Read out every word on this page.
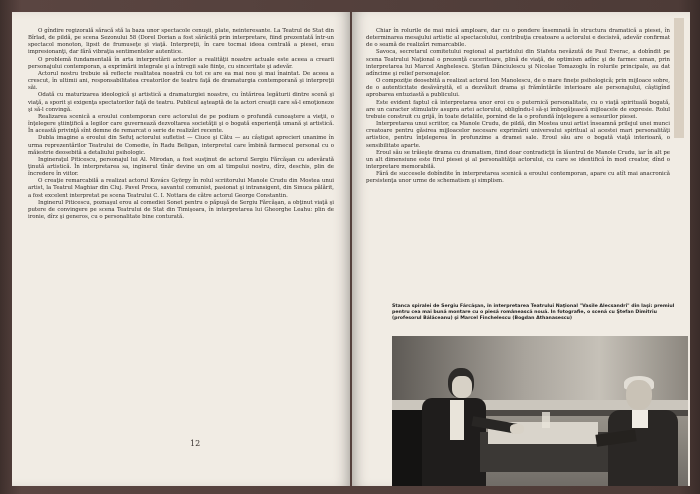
O gîndire regizorală săracă stă la baza unor spectacole cenuşii, plate, neinteresante. La Teatrul de Stat din Bîrlad, de pildă, pe scena Sezonului 58 (Dorel Dorian a fost sărăcită prin interpretare, fiind prezentată într-un spectacol monoton, lipsit de frumuseţe şi viaţă. Interpreţii, în care tocmai ideea centrală a piesei, erau impresionanţi, dar fără vibraţia sentimentelor autentice.

O problemă fundamentală în arta interpretării actorilor a realităţii noastre actuale este aceea a crearii personajului contemporan, a exprimării integrale şi a întregii sale fiinţe, cu sinceritate şi adevăr.

Actorul nostru trebuie să reflecte realitatea noastră cu tot ce are ea mai nou şi mai înaintat. De aceea a crescut, în ultimii ani, responsabilitatea creatorilor de teatru faţă de dramaturgia contemporană şi interpreţii săi.

Odată cu maturizarea ideologică şi artistică a dramaturgiei noastre, cu întărirea legăturii dintre scenă şi viaţă, a sporit şi exigenţa spectatorilor faţă de teatru. Publicul aşteaptă de la actori creaţii care să-l emoţioneze şi să-l convingă.

Realizarea scenică a eroului contemporan cere actorului de pe podium o profundă cunoaştere a vieţii, o înţelegere ştiinţifică a legilor care guvernează dezvoltarea societăţii şi o bogată experienţă umană şi artistică. În această privinţă sînt demne de remarcat o serie de realizări recente.

Dubla imagine a eroului din Sefuţ actorului sufletist — Ciuce şi Cătu — au câștigat aprecieri unanime în urma reprezentărilor Teatrului de Comedie, în Radu Beligan, interpretul care îmbină farmecul personal cu o măiestrie deosebită a detaliului psihologic.

Ingineraţul Piticescu, personajul lui Al. Mirodan, a fost susţinut de actorul Sergiu Fărcăşan cu adevărată ţinută artistică. În interpretarea sa, inginerul tînăr devine un om al timpului nostru, dîrz, deschis, plin de încredere în viitor.

O creaţie remarcabilă a realizat actorul Kovács György în rolul scriitorului Manole Crudu din Mostea unui artist, la Teatrul Maghiar din Cluj. Pavel Proca, savantul comunist, pasionat şi intransigent, din Sinuca pălărit, a fost excelent interpretat pe scena Teatrului C. I. Nottara de către actorul George Constantin.

Inginerul Piticescu, poznaşul erou al comediei Sonet pentru o păpuşă de Sergiu Fărcăşan, a obţinut viaţă şi putere de convingere pe scena Teatrului de Stat din Timişoara, în interpretarea lui Gheorghe Leahu: plin de ironie, dîrz şi generos, cu o personalitate bine conturată.

12

Chiar în rolurile de mai mică amploare, dar cu o pondere însemnată în structura dramatică a piesei, în determinarea mesajului artistic al spectacolului, contribuţia creatoare a actorului e decisivă, adevăr confirmat de o seamă de realizări remarcabile.

Savoca, secretarul comitetului regional al partidului din Stafeta nevăzută de Paul Everac, a dobîndit pe scena Teatrului Naţional o prezenţă cuceritoare, plină de viaţă, de optimism adînc şi de farmec uman, prin interpretarea lui Marcel Anghelescu. Ştefan Dănciulescu şi Nicolae Tomazoglu în rolurile principale, au dat adîncime şi relief personajelor.

O compoziţie deosebită a realizat actorul Ion Manolescu, de o mare finețe psihologică; prin mijloace sobre, de o autenticitate desăvârşită, el a dezvăluit drama şi frămîntările interioare ale personajului, câştigînd aprobarea entuziastă a publicului.

Este evident faptul că interpretarea unor eroi cu o puternică personalitate, cu o viaţă spirituală bogată, are un caracter stimulativ asupra artei actorului, obligîndu-l să-şi îmbogăţească mijloacele de expresie. Rolul trebuie construit cu grijă, în toate detaliile, pornind de la o profundă înţelegere a sensurilor piesei.

Interpretarea unui scriitor, ca Manole Crudu, de pildă, din Mostea unui artist înseamnă prilejul unei munci creatoare pentru găsirea mijloacelor necesare exprimării universului spiritual al acestei mari personalităţi artistice, pentru înţelegerea în profunzime a dramei sale. Eroul său are o bogată viaţă interioară, o sensibilitate aparte.

Eroul său se trăieşte drama cu dramatism, fiind doar contradicţii în lăuntrul de Manole Crudu, iar în alt pe un alt dimensiune este firul piesei şi al personalităţii actorului, cu care se identifică în mod creator, dînd o interpretare memorabilă.

Fără de succesele dobîndite în interpretarea scenică a eroului contemporan, apare cu atît mai anacronică persistenţa unor urme de schematism şi simplism.

Stanca spiralei de Sergiu Fărcăşan, în interpretarea Teatrului Naţional "Vasile Alecsandri" din Iaşi: premiul pentru cea mai bună montare cu o piesă românească nouă. In fotografie, o scenă cu Ştefan Dimitriu (profesorul Bălăceanu) şi Marcel Finchelescu (Bogdan Athanasescu)
